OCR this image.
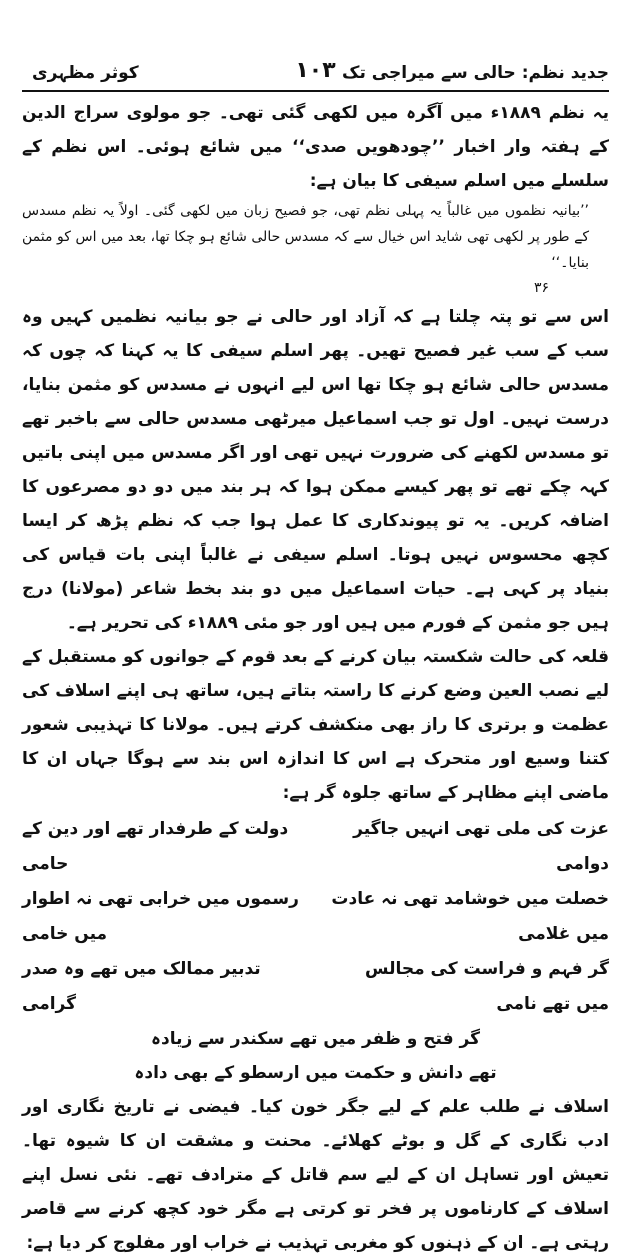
کوثر مظہری	۱۰۳ جدید نظم: حالی سے میراجی تک

یہ نظم ۱۸۸۹ء میں آگرہ میں لکھی گئی تھی۔ جو مولوی سراج الدین کے ہفتہ وار اخبار ’’چودھویں صدی‘‘ میں شائع ہوئی۔ اس نظم کے سلسلے میں اسلم سیفی کا بیان ہے:

’’بیانیہ نظموں میں غالباً یہ پہلی نظم تھی، جو فصیح زبان میں لکھی گئی۔ اولاً یہ نظم مسدس کے طور پر لکھی تھی شاید اس خیال سے کہ مسدس حالی شائع ہو چکا تھا، بعد میں اس کو مثمن بنایا۔‘‘
۳۶

اس سے تو پتہ چلتا ہے کہ آزاد اور حالی نے جو بیانیہ نظمیں کہیں وہ سب کے سب غیر فصیح تھیں۔ پھر اسلم سیفی کا یہ کہنا کہ چوں کہ مسدس حالی شائع ہو چکا تھا اس لیے انہوں نے مسدس کو مثمن بنایا، درست نہیں۔ اول تو جب اسماعیل میرٹھی مسدس حالی سے باخبر تھے تو مسدس لکھنے کی ضرورت نہیں تھی اور اگر مسدس میں اپنی باتیں کہہ چکے تھے تو پھر کیسے ممکن ہوا کہ ہر بند میں دو دو مصرعوں کا اضافہ کریں۔ یہ تو پیوندکاری کا عمل ہوا جب کہ نظم پڑھ کر ایسا کچھ محسوس نہیں ہوتا۔ اسلم سیفی نے غالباً اپنی بات قیاس کی بنیاد پر کہی ہے۔ حیات اسماعیل میں دو بند بخط شاعر (مولانا) درج ہیں جو مثمن کے فورم میں ہیں اور جو مئی ۱۸۸۹ء کی تحریر ہے۔

قلعہ کی حالت شکستہ بیان کرنے کے بعد قوم کے جوانوں کو مستقبل کے لیے نصب العین وضع کرنے کا راستہ بتاتے ہیں، ساتھ ہی اپنے اسلاف کی عظمت و برتری کا راز بھی منکشف کرتے ہیں۔ مولانا کا تہذیبی شعور کتنا وسیع اور متحرک ہے اس کا اندازہ اس بند سے ہوگا جہاں ان کا ماضی اپنے مظاہر کے ساتھ جلوہ گر ہے:

عزت کی ملی تھی انہیں جاگیر دوامی
دولت کے طرفدار تھے اور دین کے حامی
خصلت میں خوشامد تھی نہ عادت میں غلامی
رسموں میں خرابی تھی نہ اطوار میں خامی
گر فہم و فراست کی مجالس میں تھے نامی
تدبیر ممالک میں تھے وہ صدر گرامی
گر فتح و ظفر میں تھے سکندر سے زیادہ
تھے دانش و حکمت میں ارسطو کے بھی دادہ

اسلاف نے طلب علم کے لیے جگر خون کیا۔ فیضی نے تاریخ نگاری اور ادب نگاری کے گل و بوٹے کھلائے۔ محنت و مشقت ان کا شیوہ تھا۔ تعیش اور تساہل ان کے لیے سم قاتل کے مترادف تھے۔ نئی نسل اپنے اسلاف کے کارناموں پر فخر تو کرتی ہے مگر خود کچھ کرنے سے قاصر رہتی ہے۔ ان کے ذہنوں کو مغربی تہذیب نے خراب اور مفلوج کر دیا ہے:
